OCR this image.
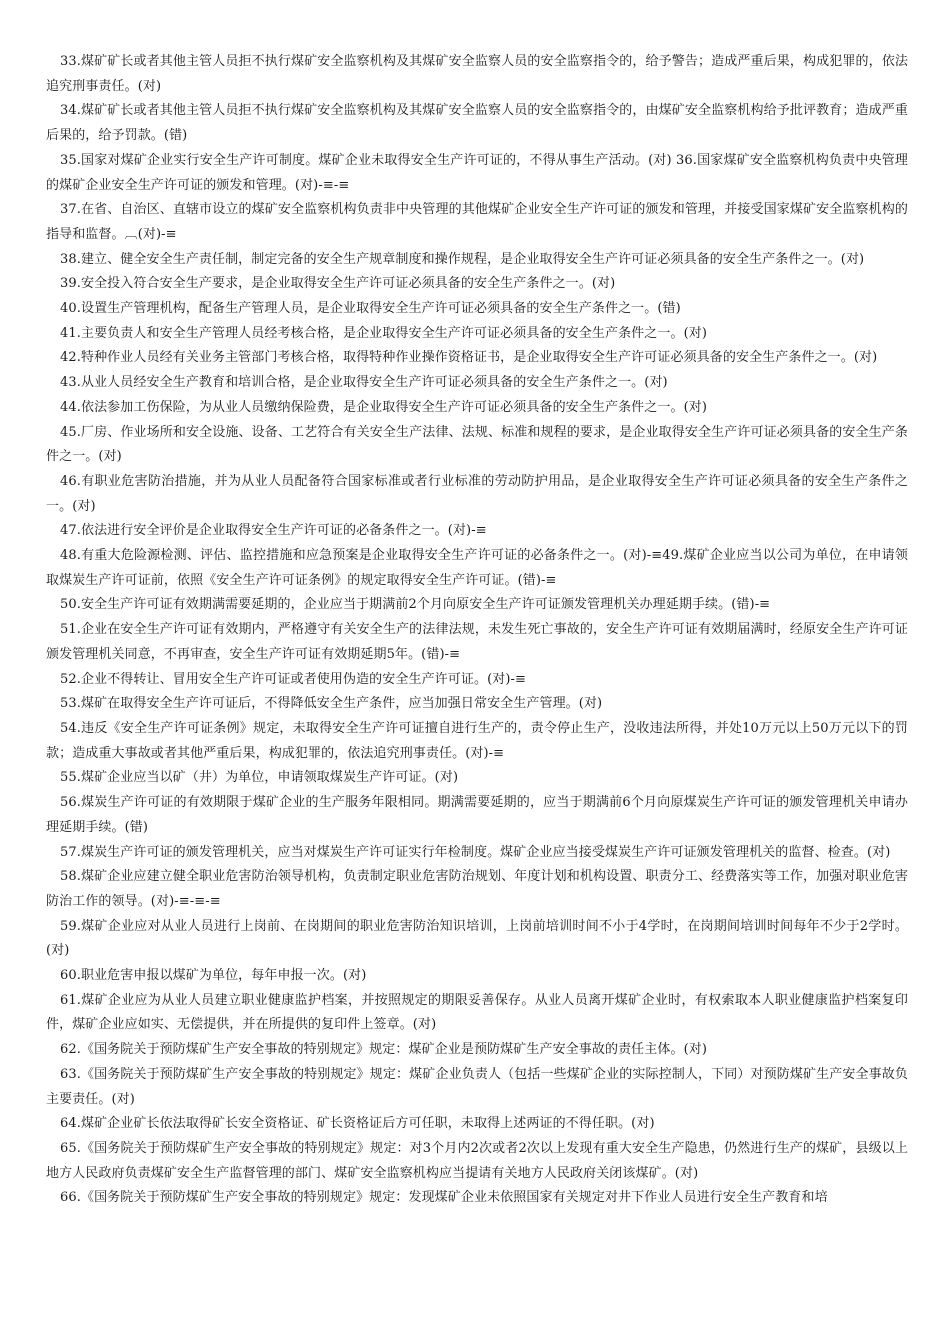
33.煤矿矿长或者其他主管人员拒不执行煤矿安全监察机构及其煤矿安全监察人员的安全监察指令的，给予警告；造成严重后果，构成犯罪的，依法追究刑事责任。(对)

34.煤矿矿长或者其他主管人员拒不执行煤矿安全监察机构及其煤矿安全监察人员的安全监察指令的，由煤矿安全监察机构给予批评教育；造成严重后果的，给予罚款。(错)

35.国家对煤矿企业实行安全生产许可制度。煤矿企业未取得安全生产许可证的，不得从事生产活动。(对) 36.国家煤矿安全监察机构负责中央管理的煤矿企业安全生产许可证的颁发和管理。(对)-≡-≡

37.在省、自治区、直辖市设立的煤矿安全监察机构负责非中央管理的其他煤矿企业安全生产许可证的颁发和管理，并接受国家煤矿安全监察机构的指导和监督。︹(对)-≡

38.建立、健全安全生产责任制，制定完备的安全生产规章制度和操作规程，是企业取得安全生产许可证必须具备的安全生产条件之一。(对)

39.安全投入符合安全生产要求，是企业取得安全生产许可证必须具备的安全生产条件之一。(对)

40.设置生产管理机构，配备生产管理人员，是企业取得安全生产许可证必须具备的安全生产条件之一。(错)

41.主要负责人和安全生产管理人员经考核合格，是企业取得安全生产许可证必须具备的安全生产条件之一。(对)

42.特种作业人员经有关业务主管部门考核合格，取得特种作业操作资格证书，是企业取得安全生产许可证必须具备的安全生产条件之一。(对)

43.从业人员经安全生产教育和培训合格，是企业取得安全生产许可证必须具备的安全生产条件之一。(对)

44.依法参加工伤保险，为从业人员缴纳保险费，是企业取得安全生产许可证必须具备的安全生产条件之一。(对)

45.厂房、作业场所和安全设施、设备、工艺符合有关安全生产法律、法规、标准和规程的要求，是企业取得安全生产许可证必须具备的安全生产条件之一。(对)

46.有职业危害防治措施，并为从业人员配备符合国家标准或者行业标准的劳动防护用品，是企业取得安全生产许可证必须具备的安全生产条件之一。(对)

47.依法进行安全评价是企业取得安全生产许可证的必备条件之一。(对)-≡

48.有重大危险源检测、评估、监控措施和应急预案是企业取得安全生产许可证的必备条件之一。(对)-≡49.煤矿企业应当以公司为单位，在申请领取煤炭生产许可证前，依照《安全生产许可证条例》的规定取得安全生产许可证。(错)-≡

50.安全生产许可证有效期满需要延期的，企业应当于期满前2个月向原安全生产许可证颁发管理机关办理延期手续。(错)-≡

51.企业在安全生产许可证有效期内，严格遵守有关安全生产的法律法规，未发生死亡事故的，安全生产许可证有效期届满时，经原安全生产许可证颁发管理机关同意，不再审查，安全生产许可证有效期延期5年。(错)-≡

52.企业不得转让、冒用安全生产许可证或者使用伪造的安全生产许可证。(对)-≡

53.煤矿在取得安全生产许可证后，不得降低安全生产条件，应当加强日常安全生产管理。(对)

54.违反《安全生产许可证条例》规定，未取得安全生产许可证擅自进行生产的，责令停止生产，没收违法所得，并处10万元以上50万元以下的罚款；造成重大事故或者其他严重后果，构成犯罪的，依法追究刑事责任。(对)-≡

55.煤矿企业应当以矿（井）为单位，申请领取煤炭生产许可证。(对)

56.煤炭生产许可证的有效期限于煤矿企业的生产服务年限相同。期满需要延期的，应当于期满前6个月向原煤炭生产许可证的颁发管理机关申请办理延期手续。(错)

57.煤炭生产许可证的颁发管理机关，应当对煤炭生产许可证实行年检制度。煤矿企业应当接受煤炭生产许可证颁发管理机关的监督、检查。(对)

58.煤矿企业应建立健全职业危害防治领导机构，负责制定职业危害防治规划、年度计划和机构设置、职责分工、经费落实等工作，加强对职业危害防治工作的领导。(对)-≡-≡-≡

59.煤矿企业应对从业人员进行上岗前、在岗期间的职业危害防治知识培训，上岗前培训时间不小于4学时，在岗期间培训时间每年不少于2学时。(对)

60.职业危害申报以煤矿为单位，每年申报一次。(对)

61.煤矿企业应为从业人员建立职业健康监护档案，并按照规定的期限妥善保存。从业人员离开煤矿企业时，有权索取本人职业健康监护档案复印件，煤矿企业应如实、无偿提供，并在所提供的复印件上签章。(对)

62.《国务院关于预防煤矿生产安全事故的特别规定》规定：煤矿企业是预防煤矿生产安全事故的责任主体。(对)

63.《国务院关于预防煤矿生产安全事故的特别规定》规定：煤矿企业负责人（包括一些煤矿企业的实际控制人，下同）对预防煤矿生产安全事故负主要责任。(对)

64.煤矿企业矿长依法取得矿长安全资格证、矿长资格证后方可任职，未取得上述两证的不得任职。(对)

65.《国务院关于预防煤矿生产安全事故的特别规定》规定：对3个月内2次或者2次以上发现有重大安全生产隐患，仍然进行生产的煤矿，县级以上地方人民政府负责煤矿安全生产监督管理的部门、煤矿安全监察机构应当提请有关地方人民政府关闭该煤矿。(对)

66.《国务院关于预防煤矿生产安全事故的特别规定》规定：发现煤矿企业未依照国家有关规定对井下作业人员进行安全生产教育和培
